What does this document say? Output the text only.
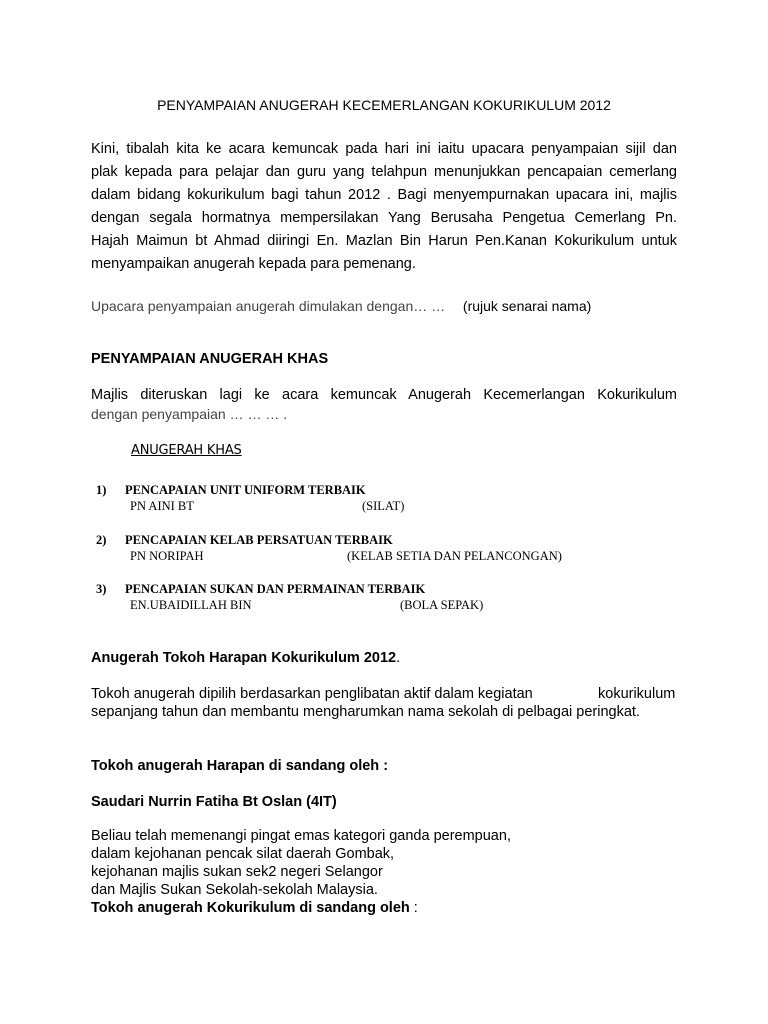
PENYAMPAIAN ANUGERAH KECEMERLANGAN KOKURIKULUM 2012
Kini, tibalah kita ke acara kemuncak pada hari ini iaitu upacara penyampaian sijil dan
plak kepada para pelajar dan guru yang telahpun menunjukkan pencapaian cemerlang
dalam bidang kokurikulum bagi tahun 2012 . Bagi menyempurnakan upacara ini, majlis
dengan segala hormatnya mempersilakan Yang Berusaha Pengetua Cemerlang Pn.
Hajah Maimun bt Ahmad diiringi En. Mazlan Bin Harun Pen.Kanan Kokurikulum untuk
menyampaikan anugerah kepada para pemenang.
Upacara penyampaian anugerah dimulakan dengan… … (rujuk senarai nama)
PENYAMPAIAN ANUGERAH KHAS
Majlis diteruskan lagi ke acara kemuncak Anugerah Kecemerlangan Kokurikulum
dengan penyampaian … … … .
ANUGERAH KHAS
1) PENCAPAIAN UNIT UNIFORM TERBAIK
PN AINI BT	(SILAT)
2) PENCAPAIAN KELAB PERSATUAN TERBAIK
PN NORIPAH	(KELAB SETIA DAN PELANCONGAN)
3) PENCAPAIAN SUKAN DAN PERMAINAN TERBAIK
EN.UBAIDILLAH BIN	(BOLA SEPAK)
Anugerah Tokoh Harapan Kokurikulum 2012.
Tokoh anugerah dipilih berdasarkan penglibatan aktif dalam kegiatan	kokurikulum
sepanjang tahun dan membantu mengharumkan nama sekolah di pelbagai peringkat.
Tokoh anugerah Harapan di sandang oleh :
Saudari Nurrin Fatiha Bt Oslan (4IT)
Beliau telah memenangi pingat emas kategori ganda perempuan,
dalam kejohanan pencak silat daerah Gombak,
kejohanan majlis sukan sek2 negeri Selangor
dan Majlis Sukan Sekolah-sekolah Malaysia.
Tokoh anugerah Kokurikulum di sandang oleh :
